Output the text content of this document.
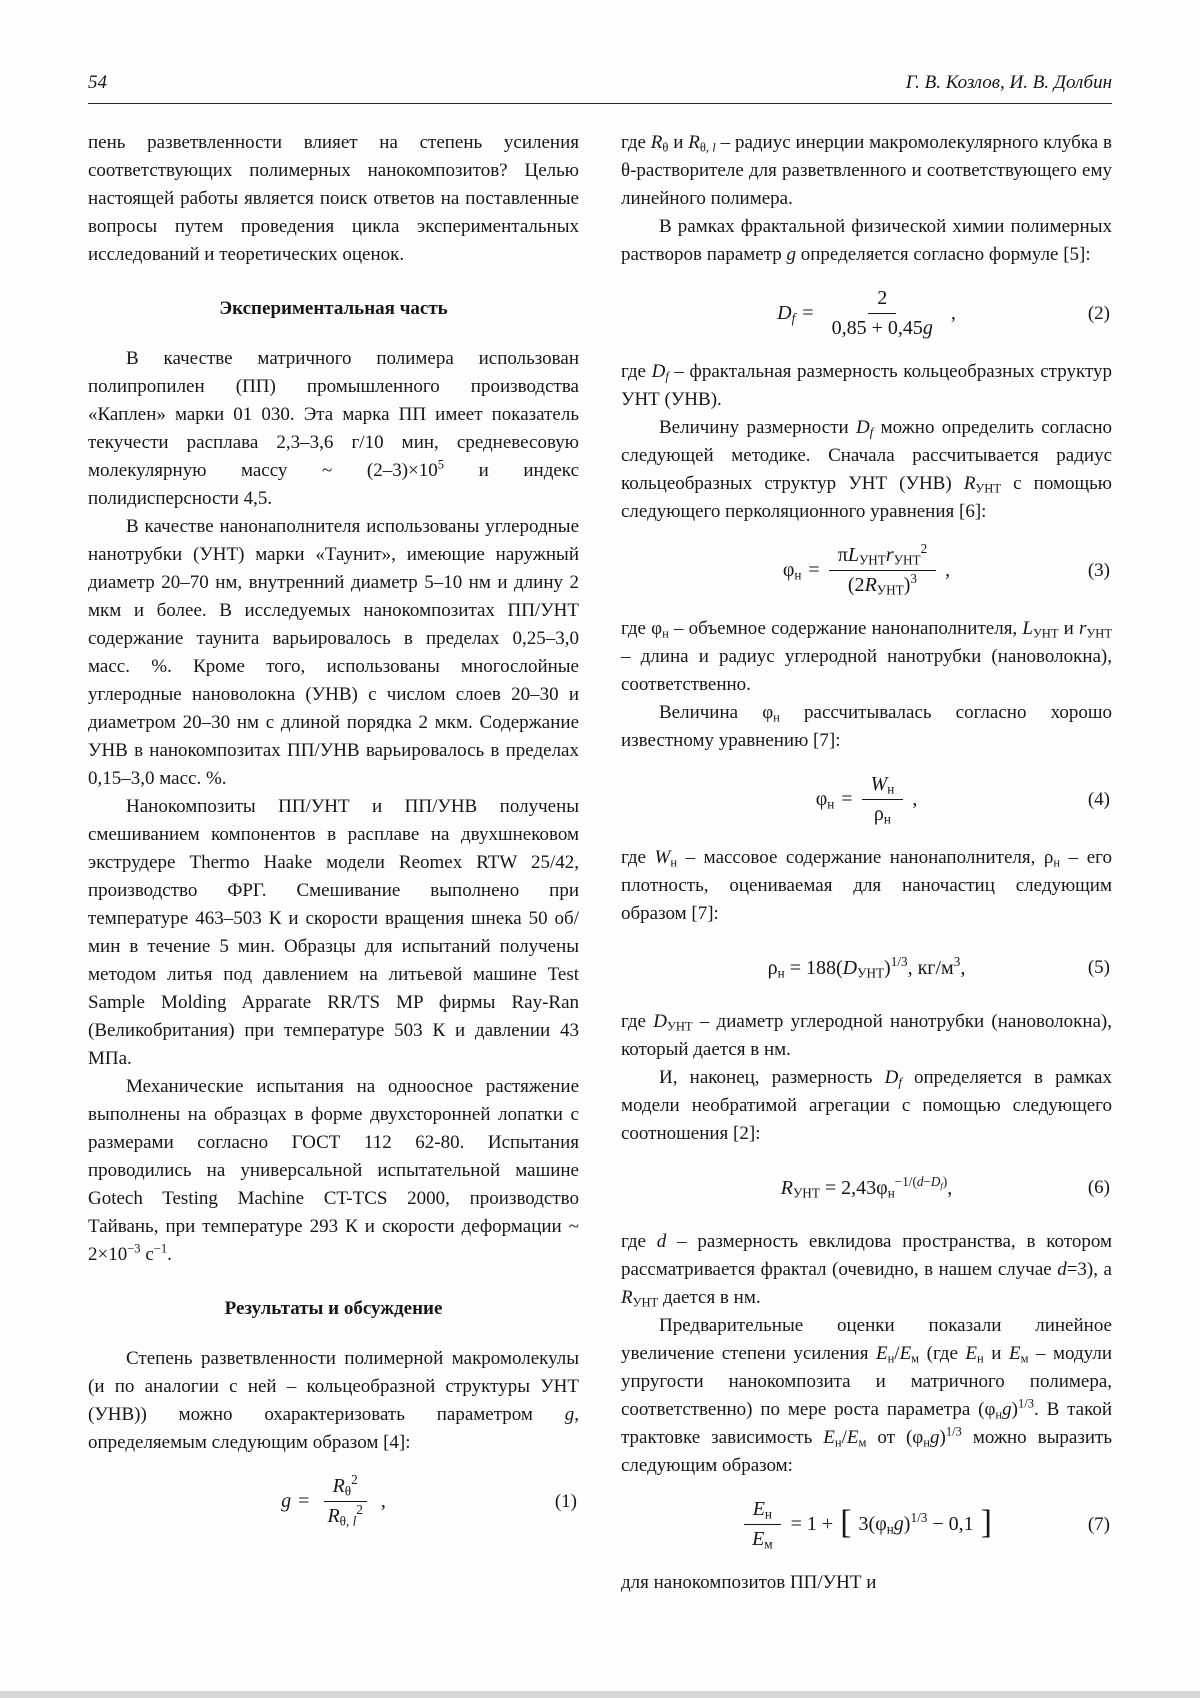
54	Г. В. Козлов, И. В. Долбин

пень разветвленности влияет на степень усиления соответствующих полимерных нанокомпозитов? Целью настоящей работы является поиск ответов на поставленные вопросы путем проведения цикла экспериментальных исследований и теоретических оценок.

Экспериментальная часть

В качестве матричного полимера использован полипропилен (ПП) промышленного производства «Каплен» марки 01 030. Эта марка ПП имеет показатель текучести расплава 2,3–3,6 г/10 мин, средневесовую молекулярную массу ~ $(2-3)\times 10^5$ и индекс полидисперсности 4,5.

В качестве нанонаполнителя использованы углеродные нанотрубки (УНТ) марки «Таунит», имеющие наружный диаметр 20–70 нм, внутренний диаметр 5–10 нм и длину 2 мкм и более. В исследуемых нанокомпозитах ПП/УНТ содержание таунита варьировалось в пределах 0,25–3,0 масс. %. Кроме того, использованы многослойные углеродные нановолокна (УНВ) с числом слоев 20–30 и диаметром 20–30 нм с длиной порядка 2 мкм. Содержание УНВ в нанокомпозитах ПП/УНВ варьировалось в пределах 0,15–3,0 масс. %.

Нанокомпозиты ПП/УНТ и ПП/УНВ получены смешиванием компонентов в расплаве на двухшнековом экструдере Thermo Haake модели Reomex RTW 25/42, производство ФРГ. Смешивание выполнено при температуре 463–503 К и скорости вращения шнека 50 об/мин в течение 5 мин. Образцы для испытаний получены методом литья под давлением на литьевой машине Test Sample Molding Apparate RR/TS MP фирмы Ray-Ran (Великобритания) при температуре 503 К и давлении 43 МПа.

Механические испытания на одноосное растяжение выполнены на образцах в форме двухсторонней лопатки с размерами согласно ГОСТ 112 62-80. Испытания проводились на универсальной испытательной машине Gotech Testing Machine CT-TCS 2000, производство Тайвань, при температуре 293 К и скорости деформации ~ $2\times 10^{-3}$ $с^{-1}$.

Результаты и обсуждение

Степень разветвленности полимерной макромолекулы (и по аналогии с ней – кольцеобразной структуры УНТ (УНВ)) можно охарактеризовать параметром g, определяемым следующим образом [4]:

$g = \frac{R_\theta^2}{R_{\theta, l}^2}$ ,	(1)

где $R_\theta$ и $R_{\theta, l}$ – радиус инерции макромолекулярного клубка в θ-растворителе для разветвленного и соответствующего ему линейного полимера.

В рамках фрактальной физической химии полимерных растворов параметр g определяется согласно формуле [5]:

$D_f = \frac{2}{0,85 + 0,45g}$ ,	(2)

где $D_f$ – фрактальная размерность кольцеобразных структур УНТ (УНВ).

Величину размерности $D_f$ можно определить согласно следующей методике. Сначала рассчитывается радиус кольцеобразных структур УНТ (УНВ) $R_{УНТ}$ с помощью следующего перколяционного уравнения [6]:

$\varphi_н = \frac{\pi L_{УНТ}r_{УНТ}^2}{(2R_{УНТ})^3}$ ,	(3)

где $\varphi_н$ – объемное содержание нанонаполнителя, $L_{УНТ}$ и $r_{УНТ}$ – длина и радиус углеродной нанотрубки (нановолокна), соответственно.

Величина $\varphi_н$ рассчитывалась согласно хорошо известному уравнению [7]:

$\varphi_н = \frac{W_н}{\rho_н}$ ,	(4)

где $W_н$ – массовое содержание нанонаполнителя, $\rho_н$ – его плотность, оцениваемая для наночастиц следующим образом [7]:

$\rho_н = 188(D_{УНТ})^{1/3}$, $кг/м^3$,	(5)

где $D_{УНТ}$ – диаметр углеродной нанотрубки (нановолокна), который дается в нм.

И, наконец, размерность $D_f$ определяется в рамках модели необратимой агрегации с помощью следующего соотношения [2]:

$R_{УНТ} = 2,43\varphi_н^{-1/(d-D_f)}$,	(6)

где d – размерность евклидова пространства, в котором рассматривается фрактал (очевидно, в нашем случае d=3), а $R_{УНТ}$ дается в нм.

Предварительные оценки показали линейное увеличение степени усиления $E_н/E_м$ (где $E_н$ и $E_м$ – модули упругости нанокомпозита и матричного полимера, соответственно) по мере роста параметра $(\varphi_нg)^{1/3}$. В такой трактовке зависимость $E_н/E_м$ от $(\varphi_нg)^{1/3}$ можно выразить следующим образом:

$\frac{E_н}{E_м} = 1$ + [ $3(\varphi_нg)^{1/3} - 0,1$ ]	(7)

для нанокомпозитов ПП/УНТ и
